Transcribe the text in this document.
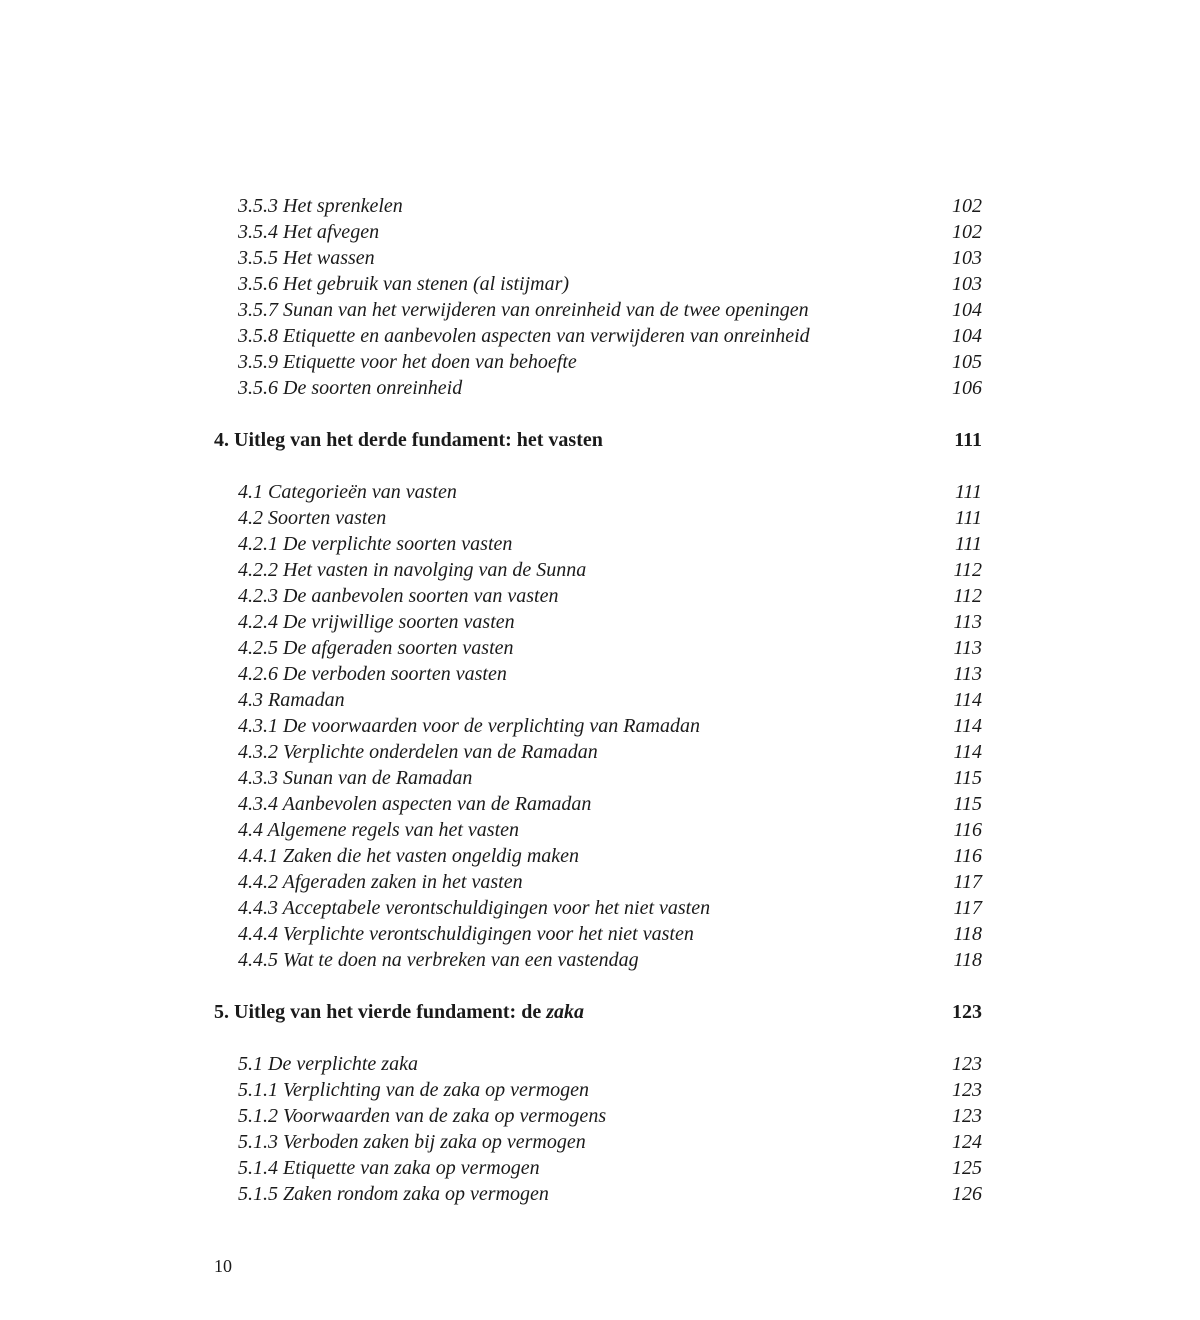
3.5.3 Het sprenkelen	102
3.5.4 Het afvegen	102
3.5.5 Het wassen	103
3.5.6 Het gebruik van stenen (al istijmar)	103
3.5.7 Sunan van het verwijderen van onreinheid van de twee openingen	104
3.5.8 Etiquette en aanbevolen aspecten van verwijderen van onreinheid	104
3.5.9 Etiquette voor het doen van behoefte	105
3.5.6 De soorten onreinheid	106
4. Uitleg van het derde fundament: het vasten	111
4.1 Categorieën van vasten	111
4.2 Soorten vasten	111
4.2.1 De verplichte soorten vasten	111
4.2.2 Het vasten in navolging van de Sunna	112
4.2.3 De aanbevolen soorten van vasten	112
4.2.4 De vrijwillige soorten vasten	113
4.2.5 De afgeraden soorten vasten	113
4.2.6 De verboden soorten vasten	113
4.3 Ramadan	114
4.3.1 De voorwaarden voor de verplichting van Ramadan	114
4.3.2 Verplichte onderdelen van de Ramadan	114
4.3.3 Sunan van de Ramadan	115
4.3.4 Aanbevolen aspecten van de Ramadan	115
4.4 Algemene regels van het vasten	116
4.4.1 Zaken die het vasten ongeldig maken	116
4.4.2 Afgeraden zaken in het vasten	117
4.4.3 Acceptabele verontschuldigingen voor het niet vasten	117
4.4.4 Verplichte verontschuldigingen voor het niet vasten	118
4.4.5 Wat te doen na verbreken van een vastendag	118
5. Uitleg van het vierde fundament: de zaka	123
5.1 De verplichte zaka	123
5.1.1 Verplichting van de zaka op vermogen	123
5.1.2 Voorwaarden van de zaka op vermogens	123
5.1.3 Verboden zaken bij zaka op vermogen	124
5.1.4 Etiquette van zaka op vermogen	125
5.1.5 Zaken rondom zaka op vermogen	126
10
